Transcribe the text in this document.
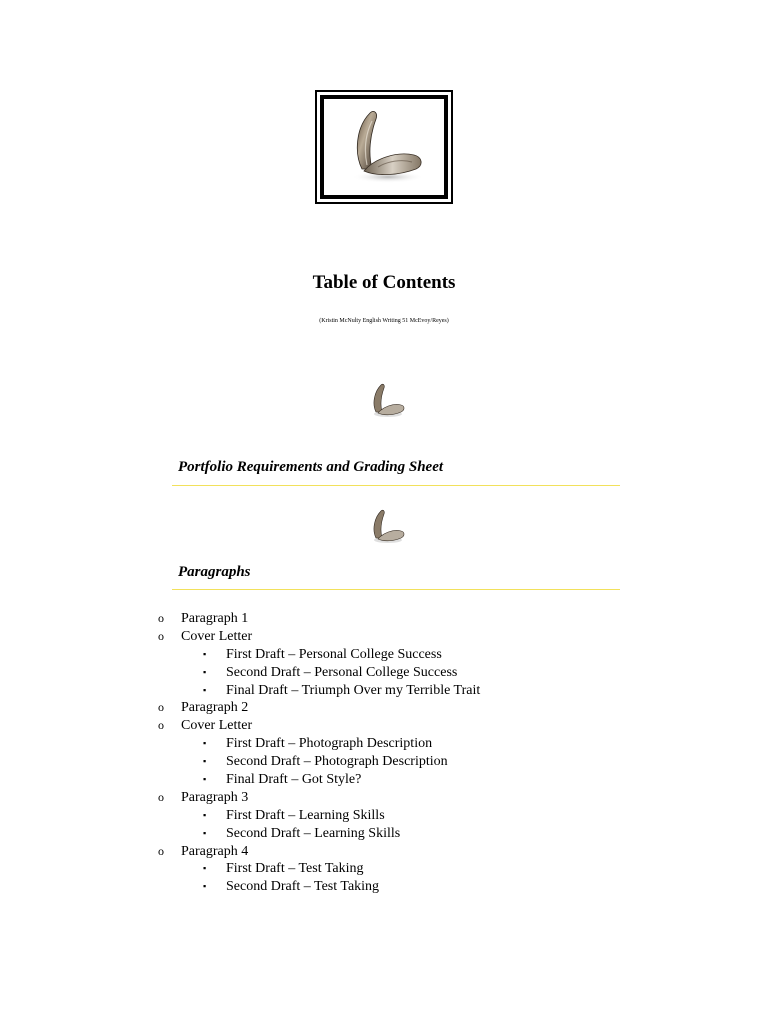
Table of Contents
(Kristin McNulty English Writing 51 McEvoy/Reyes)
Portfolio Requirements and Grading Sheet
Paragraphs
o Paragraph 1
o Cover Letter
▪ First Draft – Personal College Success
▪ Second Draft – Personal College Success
▪ Final Draft – Triumph Over my Terrible Trait
o Paragraph 2
o Cover Letter
▪ First Draft – Photograph Description
▪ Second Draft – Photograph Description
▪ Final Draft – Got Style?
o Paragraph 3
▪ First Draft – Learning Skills
▪ Second Draft – Learning Skills
o Paragraph 4
▪ First Draft – Test Taking
▪ Second Draft – Test Taking
